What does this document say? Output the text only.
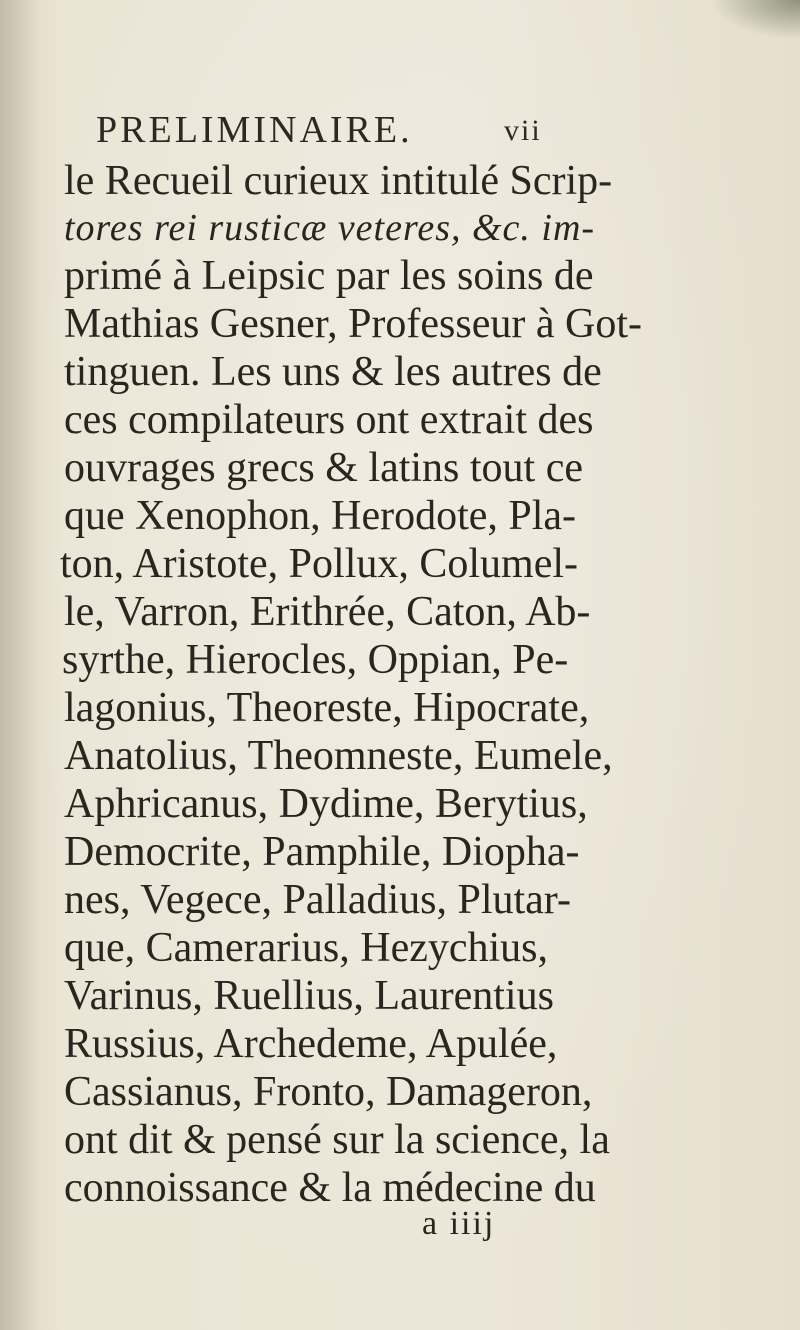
PRELIMINAIRE.	vii
le Recueil curieux intitulé Scrip-
tores rei rusticæ veteres, &c. im-
primé à Leipsic par les soins de
Mathias Gesner, Professeur à Got-
tinguen. Les uns & les autres de
ces compilateurs ont extrait des
ouvrages grecs & latins tout ce
que Xenophon, Herodote, Pla-
ton, Aristote, Pollux, Columel-
le, Varron, Erithrée, Caton, Ab-
syrthe, Hierocles, Oppian, Pe-
lagonius, Theoreste, Hipocrate,
Anatolius, Theomneste, Eumele,
Aphricanus, Dydime, Berytius,
Democrite, Pamphile, Diopha-
nes, Vegece, Palladius, Plutar-
que, Camerarius, Hezychius,
Varinus, Ruellius, Laurentius
Russius, Archedeme, Apulée,
Cassianus, Fronto, Damageron,
ont dit & pensé sur la science, la
connoissance & la médecine du
a iiij
